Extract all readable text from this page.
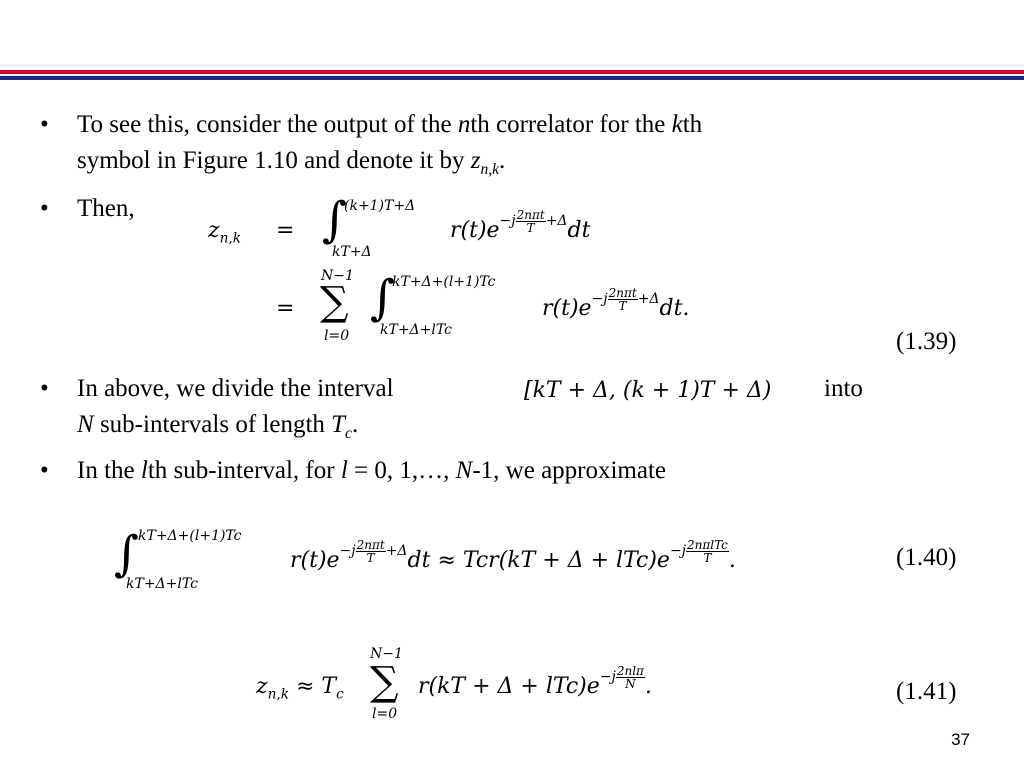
•	To see this, consider the output of the nth correlator for the kth
symbol in Figure 1.10 and denote it by $z_{n,k}$.
•	Then,
$z_{n,k}$ = ∫
(k+1)T+Δ
kT+Δ
$r(t)e^{-j \frac{\text{2nπt}}{T} +\Delta}dt$
=
N−1
∑
l=0
∫
kT+Δ+(l+1)Tc
kT+Δ+lTc
$r(t)e^{-j \frac{\text{2nπt}}{T} +\Delta}dt$.
(1.39)
•	In above, we divide the interval	[kT + Δ, (k + 1)T + Δ) into
N sub-intervals of length $T_c$.
•	In the lth sub-interval, for l = 0, 1,…, N-1, we approximate
∫
kT+Δ+(l+1)Tc
kT+Δ+lTc
$r(t)e^{-j \frac{\text{2nπt}}{T} +\Delta}dt \approx Tcr(kT + \Delta + lTc)e^{-j \frac{\text{2nπlTc}}{T}}$ .	(1.40)
$z_{n,k} \approx T_c$
N−1
∑
l=0
$r(kT + \Delta + lTc)e^{-j \frac{\text{2nlπ}}{N}}$ .	(1.41)
37
